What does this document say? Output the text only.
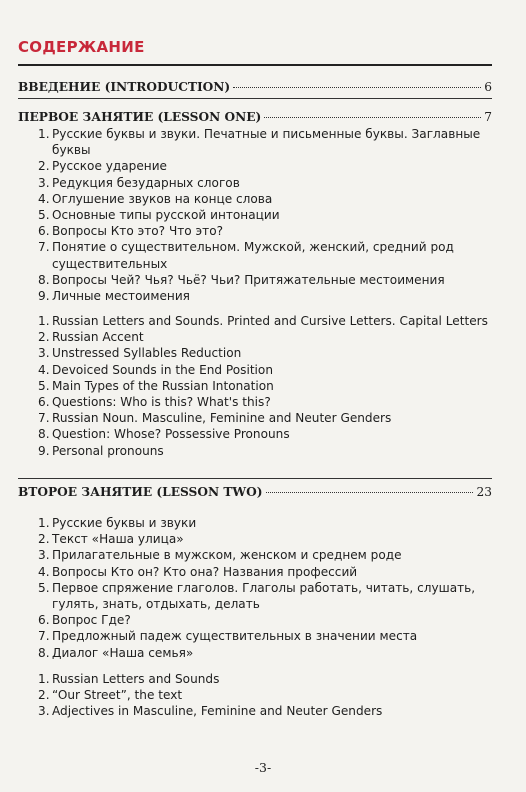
СОДЕРЖАНИЕ
ВВЕДЕНИЕ (INTRODUCTION)	6
ПЕРВОЕ ЗАНЯТИЕ (LESSON ONE)	7
1. Русские буквы и звуки. Печатные и письменные буквы. Заглавные буквы
2. Русское ударение
3. Редукция безударных слогов
4. Оглушение звуков на конце слова
5. Основные типы русской интонации
6. Вопросы Кто это? Что это?
7. Понятие о существительном. Мужской, женский, средний род существительных
8. Вопросы Чей? Чья? Чьё? Чьи? Притяжательные местоимения
9. Личные местоимения
1. Russian Letters and Sounds. Printed and Cursive Letters. Capital Letters
2. Russian Accent
3. Unstressed Syllables Reduction
4. Devoiced Sounds in the End Position
5. Main Types of the Russian Intonation
6. Questions: Who is this? What's this?
7. Russian Noun. Masculine, Feminine and Neuter Genders
8. Question: Whose? Possessive Pronouns
9. Personal pronouns
ВТОРОЕ ЗАНЯТИЕ (LESSON TWO)	23
1. Русские буквы и звуки
2. Текст «Наша улица»
3. Прилагательные в мужском, женском и среднем роде
4. Вопросы Кто он? Кто она? Названия профессий
5. Первое спряжение глаголов. Глаголы работать, читать, слушать, гулять, знать, отдыхать, делать
6. Вопрос Где?
7. Предложный падеж существительных в значении места
8. Диалог «Наша семья»
1. Russian Letters and Sounds
2. “Our Street”, the text
3. Adjectives in Masculine, Feminine and Neuter Genders
-3-
